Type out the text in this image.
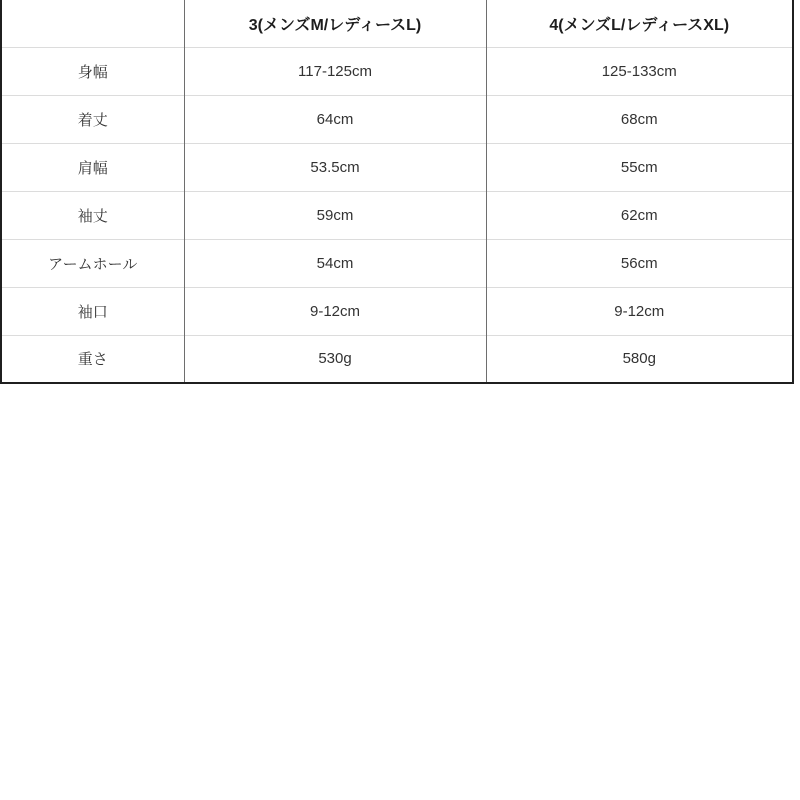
	3(メンズM/レディースL)	4(メンズL/レディースXL)
身幅	117-125cm	125-133cm
着丈	64cm	68cm
肩幅	53.5cm	55cm
袖丈	59cm	62cm
アームホール	54cm	56cm
袖口	9-12cm	9-12cm
重さ	530g	580g
